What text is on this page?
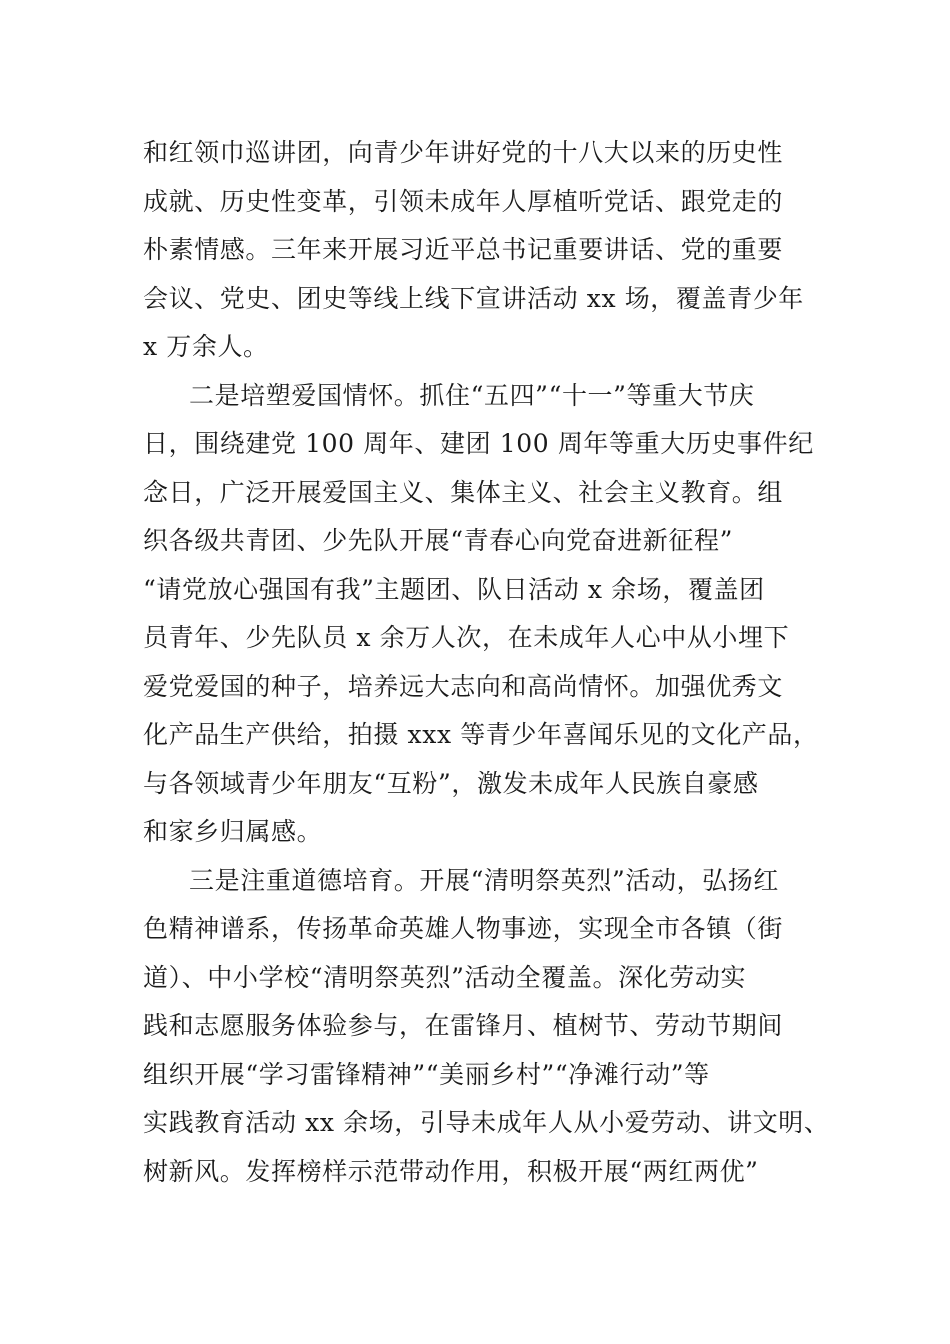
和红领巾巡讲团，向青少年讲好党的十八大以来的历史性
成就、历史性变革，引领未成年人厚植听党话、跟党走的
朴素情感。三年来开展习近平总书记重要讲话、党的重要
会议、党史、团史等线上线下宣讲活动 xx 场，覆盖青少年
x 万余人。
二是培塑爱国情怀。抓住“五四”“十一”等重大节庆
日，围绕建党 100 周年、建团 100 周年等重大历史事件纪
念日，广泛开展爱国主义、集体主义、社会主义教育。组
织各级共青团、少先队开展“青春心向党奋进新征程”
“请党放心强国有我”主题团、队日活动 x 余场，覆盖团
员青年、少先队员 x 余万人次，在未成年人心中从小埋下
爱党爱国的种子，培养远大志向和高尚情怀。加强优秀文
化产品生产供给，拍摄 xxx 等青少年喜闻乐见的文化产品，
与各领域青少年朋友“互粉”，激发未成年人民族自豪感
和家乡归属感。
三是注重道德培育。开展“清明祭英烈”活动，弘扬红
色精神谱系，传扬革命英雄人物事迹，实现全市各镇（街
道）、中小学校“清明祭英烈”活动全覆盖。深化劳动实
践和志愿服务体验参与，在雷锋月、植树节、劳动节期间
组织开展“学习雷锋精神”“美丽乡村”“净滩行动”等
实践教育活动 xx 余场，引导未成年人从小爱劳动、讲文明、
树新风。发挥榜样示范带动作用，积极开展“两红两优”
